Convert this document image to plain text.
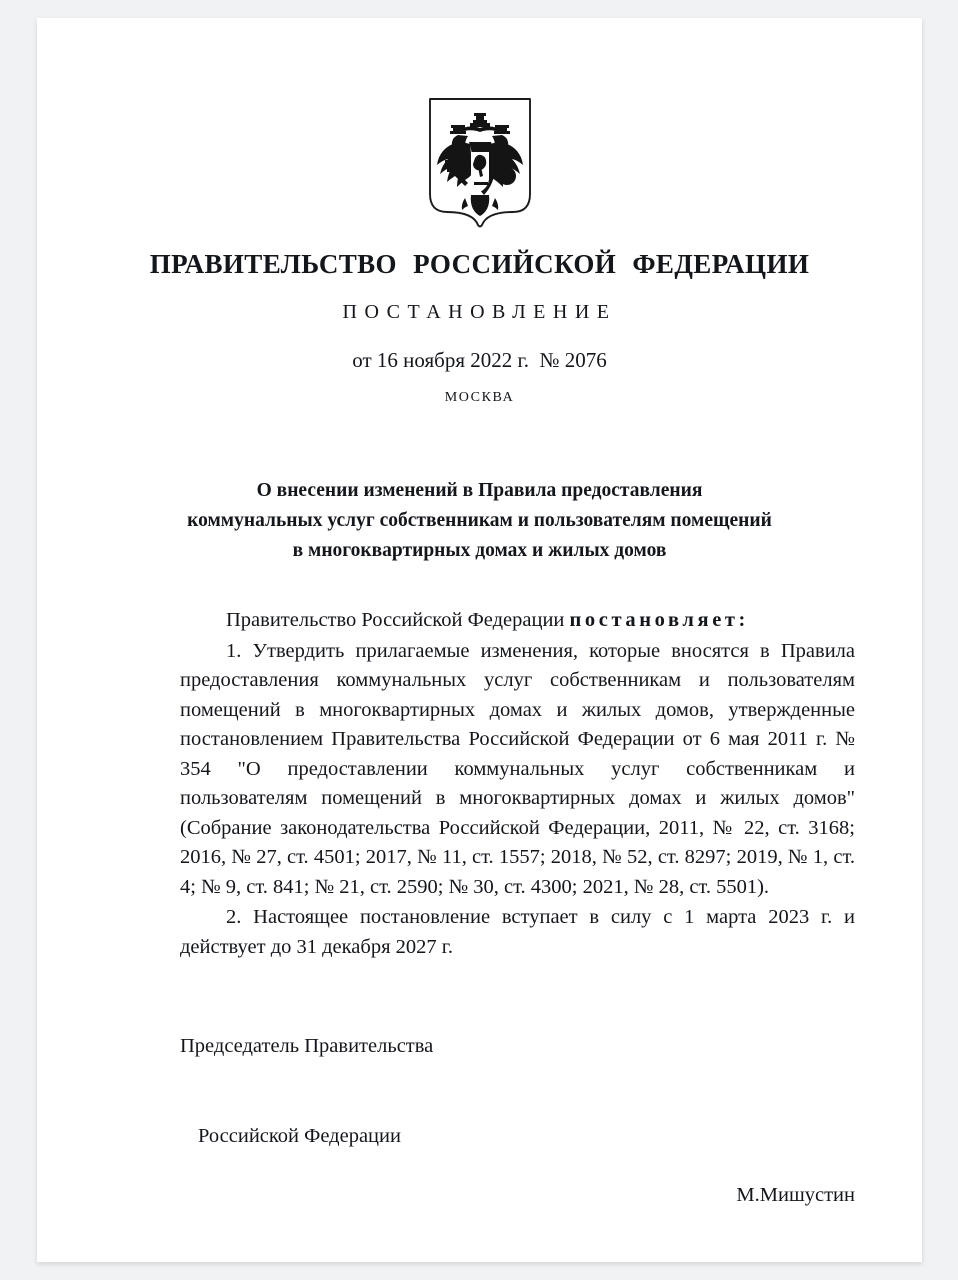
ПРАВИТЕЛЬСТВО РОССИЙСКОЙ ФЕДЕРАЦИИ
ПОСТАНОВЛЕНИЕ
от 16 ноября 2022 г.  № 2076
МОСКВА
О внесении изменений в Правила предоставления
коммунальных услуг собственникам и пользователям помещений
в многоквартирных домах и жилых домов

Правительство Российской Федерации постановляет:

1. Утвердить прилагаемые изменения, которые вносятся в Правила предоставления коммунальных услуг собственникам и пользователям помещений в многоквартирных домах и жилых домов, утвержденные постановлением Правительства Российской Федерации от 6 мая 2011 г. № 354 "О предоставлении коммунальных услуг собственникам и пользователям помещений в многоквартирных домах и жилых домов" (Собрание законодательства Российской Федерации, 2011, № 22, ст. 3168; 2016, № 27, ст. 4501; 2017, № 11, ст. 1557; 2018, № 52, ст. 8297; 2019, № 1, ст. 4; № 9, ст. 841; № 21, ст. 2590; № 30, ст. 4300; 2021, № 28, ст. 5501).

2. Настоящее постановление вступает в силу с 1 марта 2023 г. и действует до 31 декабря 2027 г.

Председатель Правительства

Российской Федерации

М.Мишустин
